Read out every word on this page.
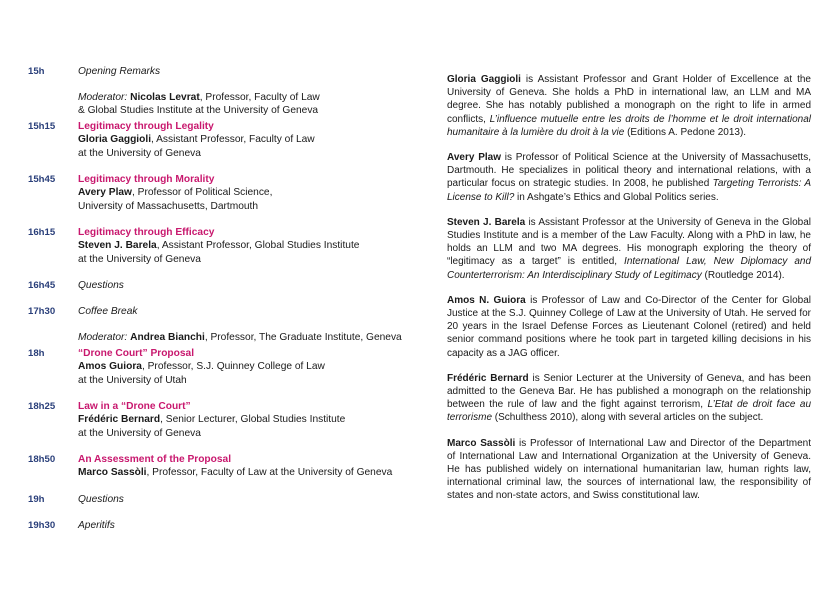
15h	Opening Remarks
Moderator: Nicolas Levrat, Professor, Faculty of Law
& Global Studies Institute at the University of Geneva
15h15	Legitimacy through Legality
Gloria Gaggioli, Assistant Professor, Faculty of Law
at the University of Geneva
15h45	Legitimacy through Morality
Avery Plaw, Professor of Political Science,
University of Massachusetts, Dartmouth
16h15	Legitimacy through Efficacy
Steven J. Barela, Assistant Professor, Global Studies Institute
at the University of Geneva
16h45	Questions
17h30	Coffee Break
Moderator: Andrea Bianchi, Professor, The Graduate Institute, Geneva
18h	“Drone Court” Proposal
Amos Guiora, Professor, S.J. Quinney College of Law
at the University of Utah
18h25	Law in a “Drone Court”
Frédéric Bernard, Senior Lecturer, Global Studies Institute
at the University of Geneva
18h50	An Assessment of the Proposal
Marco Sassòli, Professor, Faculty of Law at the University of Geneva
19h	Questions
19h30	Aperitifs

Gloria Gaggioli is Assistant Professor and Grant Holder of Excellence at the University of Geneva. She holds a PhD in international law, an LLM and MA degree. She has notably published a monograph on the right to life in armed conflicts, L’influence mutuelle entre les droits de l’homme et le droit international humanitaire à la lumière du droit à la vie (Editions A. Pedone 2013).

Avery Plaw is Professor of Political Science at the University of Massachusetts, Dartmouth. He specializes in political theory and international relations, with a particular focus on strategic studies. In 2008, he published Targeting Terrorists: A License to Kill? in Ashgate’s Ethics and Global Politics series.

Steven J. Barela is Assistant Professor at the University of Geneva in the Global Studies Institute and is a member of the Law Faculty. Along with a PhD in law, he holds an LLM and two MA degrees. His monograph exploring the theory of “legitimacy as a target” is entitled, International Law, New Diplomacy and Counterterrorism: An Interdisciplinary Study of Legitimacy (Routledge 2014).

Amos N. Guiora is Professor of Law and Co-Director of the Center for Global Justice at the S.J. Quinney College of Law at the University of Utah. He served for 20 years in the Israel Defense Forces as Lieutenant Colonel (retired) and held senior command positions where he took part in targeted killing decisions in his capacity as a JAG officer.

Frédéric Bernard is Senior Lecturer at the University of Geneva, and has been admitted to the Geneva Bar. He has published a monograph on the relationship between the rule of law and the fight against terrorism, L’Etat de droit face au terrorisme (Schulthess 2010), along with several articles on the subject.

Marco Sassòli is Professor of International Law and Director of the Department of International Law and International Organization at the University of Geneva. He has published widely on international humanitarian law, human rights law, international criminal law, the sources of international law, the responsibility of states and non-state actors, and Swiss constitutional law.
